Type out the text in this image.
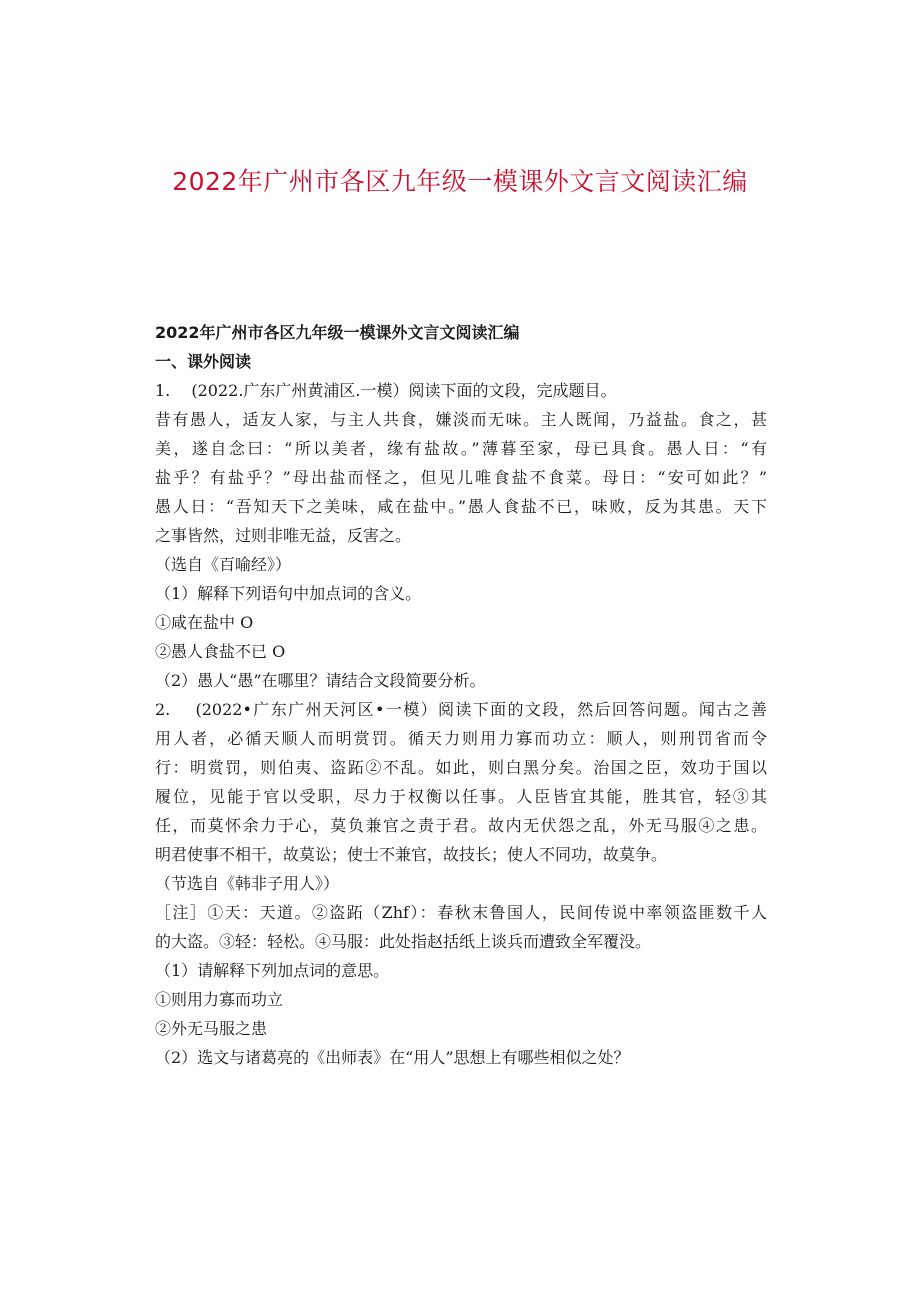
2022年广州市各区九年级一模课外文言文阅读汇编
2022年广州市各区九年级一模课外文言文阅读汇编
一、课外阅读
1.　 (2022.广东广州黄浦区.一模）阅读下面的文段，完成题目。
昔有愚人，适友人家，与主人共食，嫌淡而无味。主人既闻，乃益盐。食之，甚
美，遂自念曰：“所以美者，缘有盐故。”薄暮至家，母已具食。愚人日：“有
盐乎？有盐乎？”母出盐而怪之，但见儿唯食盐不食菜。母日：“安可如此？”
愚人日：“吾知天下之美味，咸在盐中。”愚人食盐不已，味败，反为其患。天下
之事皆然，过则非唯无益，反害之。
（选自《百喻经》）
（1）解释下列语句中加点词的含义。
①咸在盐中 O
②愚人食盐不已 O
（2）愚人“愚”在哪里？请结合文段简要分析。
2.　 (2022•广东广州天河区•一模）阅读下面的文段，然后回答问题。闻古之善
用人者，必循天顺人而明赏罚。循天力则用力寡而功立：顺人，则刑罚省而令
行：明赏罚，则伯夷、盗跖②不乱。如此，则白黑分矣。治国之臣，效功于国以
履位，见能于官以受职，尽力于权衡以任事。人臣皆宜其能，胜其官，轻③其
任，而莫怀余力于心，莫负兼官之责于君。故内无伏怨之乱，外无马服④之患。
明君使事不相干，故莫讼；使士不兼官，故技长；使人不同功，故莫争。
（节选自《韩非子用人》）
［注］①天：天道。②盗跖（Zhf）：春秋末鲁国人，民间传说中率领盗匪数千人
的大盗。③轻：轻松。④马服：此处指赵括纸上谈兵而遭致全军覆没。
（1）请解释下列加点词的意思。
①则用力寡而功立
②外无马服之患
（2）选文与诸葛亮的《出师表》在“用人”思想上有哪些相似之处？
